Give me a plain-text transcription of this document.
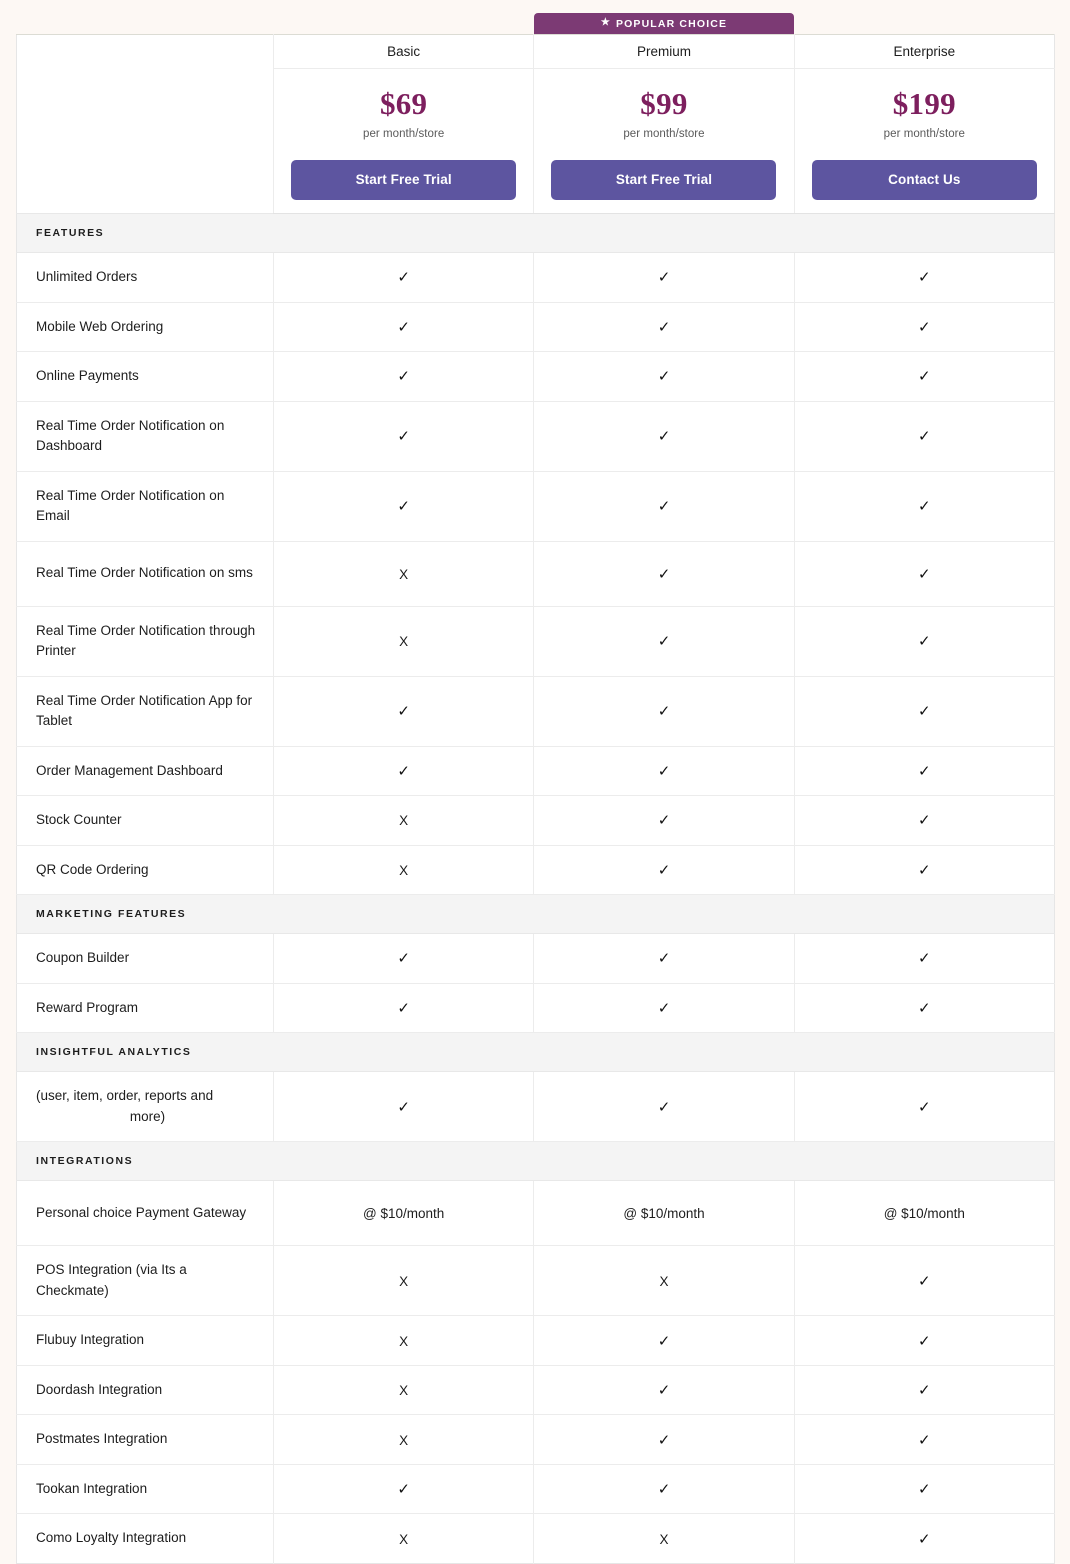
★ POPULAR CHOICE
	Basic	Premium	Enterprise

$69
per month/store
Start Free Trial

$99
per month/store
Start Free Trial

$199
per month/store
Contact Us

FEATURES			
Unlimited Orders	✓	✓	✓
Mobile Web Ordering	✓	✓	✓
Online Payments	✓	✓	✓
Real Time Order Notification on Dashboard	✓	✓	✓
Real Time Order Notification on Email	✓	✓	✓
Real Time Order Notification on sms	X	✓	✓
Real Time Order Notification through Printer	X	✓	✓
Real Time Order Notification App for Tablet	✓	✓	✓
Order Management Dashboard	✓	✓	✓
Stock Counter	X	✓	✓
QR Code Ordering	X	✓	✓
MARKETING FEATURES			
Coupon Builder	✓	✓	✓
Reward Program	✓	✓	✓
INSIGHTFUL ANALYTICS			

(user, item, order, reports and
more)	✓	✓	✓
INTEGRATIONS			
Personal choice Payment Gateway	@ $10/month	@ $10/month	@ $10/month
POS Integration (via Its a Checkmate)	X	X	✓
Flubuy Integration	X	✓	✓
Doordash Integration	X	✓	✓
Postmates Integration	X	✓	✓
Tookan Integration	✓	✓	✓
Como Loyalty Integration	X	X	✓
